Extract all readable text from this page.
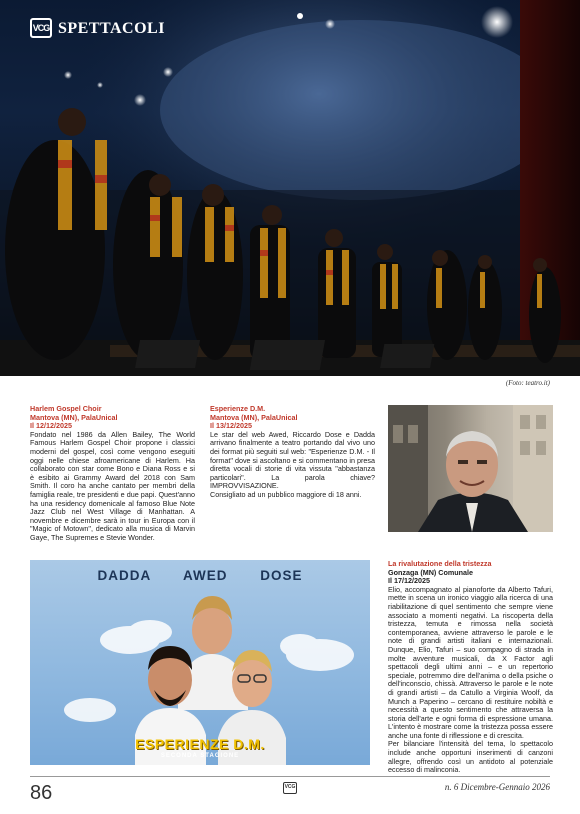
VCG SPETTACOLI
(Foto: teatro.it)
Harlem Gospel Choir
Mantova (MN), PalaUnical
Il 12/12/2025

Fondato nel 1986 da Allen Bailey, The World Famous Harlem Gospel Choir propone i classici moderni del gospel, così come vengono eseguiti oggi nelle chiese afroamericane di Harlem. Ha collaborato con star come Bono e Diana Ross e si è esibito ai Grammy Award del 2018 con Sam Smith. Il coro ha anche cantato per membri della famiglia reale, tre presidenti e due papi. Quest'anno ha una residency domenicale al famoso Blue Note Jazz Club nel West Village di Manhattan. A novembre e dicembre sarà in tour in Europa con il "Magic of Motown", dedicato alla musica di Marvin Gaye, The Supremes e Stevie Wonder.

Esperienze D.M.
Mantova (MN), PalaUnical
Il 13/12/2025

Le star del web Awed, Riccardo Dose e Dadda arrivano finalmente a teatro portando dal vivo uno dei format più seguiti sul web: "Esperienze D.M. - Il format" dove si ascoltano e si commentano in presa diretta vocali di storie di vita vissuta "abbastanza particolari". La parola chiave? IMPROVVISAZIONE.

Consigliato ad un pubblico maggiore di 18 anni.

DADDA AWED DOSE
ESPERIENZE D.M.
SECONDA STAGIONE
La rivalutazione della tristezza
Gonzaga (MN) Comunale
Il 17/12/2025

Elio, accompagnato al pianoforte da Alberto Tafuri, mette in scena un ironico viaggio alla ricerca di una riabilitazione di quel sentimento che sempre viene associato a momenti negativi. La riscoperta della tristezza, temuta e rimossa nella società contemporanea, avviene attraverso le parole e le note di grandi artisti italiani e internazionali. Dunque, Elio, Tafuri – suo compagno di strada in molte avventure musicali, da X Factor agli spettacoli degli ultimi anni – e un repertorio speciale, potremmo dire dell'anima o della psiche o dell'inconscio, chissà. Attraverso le parole e le note di grandi artisti – da Catullo a Virginia Woolf, da Munch a Paperino – cercano di restituire nobiltà e necessità a questo sentimento che attraversa la storia dell'arte e ogni forma di espressione umana. L'intento è mostrare come la tristezza possa essere anche una fonte di riflessione e di crescita.

Per bilanciare l'intensità del tema, lo spettacolo include anche opportuni inserimenti di canzoni allegre, offrendo così un antidoto al potenziale eccesso di malinconia.

86	VCG	n. 6 Dicembre-Gennaio 2026
